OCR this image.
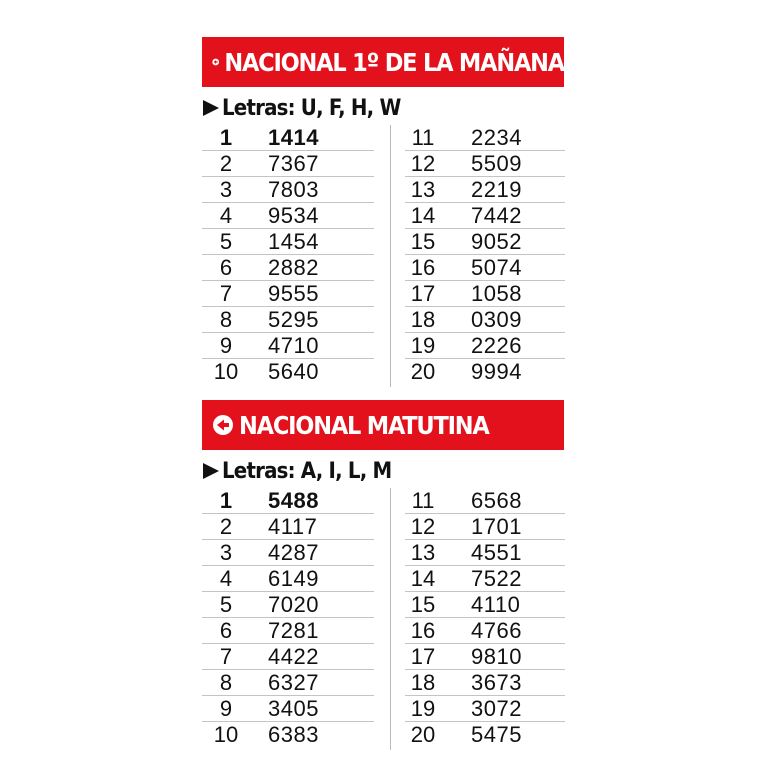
NACIONAL 1º DE LA MAÑANA
Letras: U, F, H, W
1	1414
2	7367
3	7803
4	9534
5	1454
6	2882
7	9555
8	5295
9	4710
10 5640
11 2234
12 5509
13 2219
14 7442
15 9052
16 5074
17 1058
18 0309
19 2226
20 9994
NACIONAL MATUTINA
Letras: A, I, L, M
1	5488
2	4117
3	4287
4	6149
5	7020
6	7281
7	4422
8	6327
9	3405
10 6383
11 6568
12 1701
13 4551
14 7522
15 4110
16 4766
17 9810
18 3673
19 3072
20 5475
